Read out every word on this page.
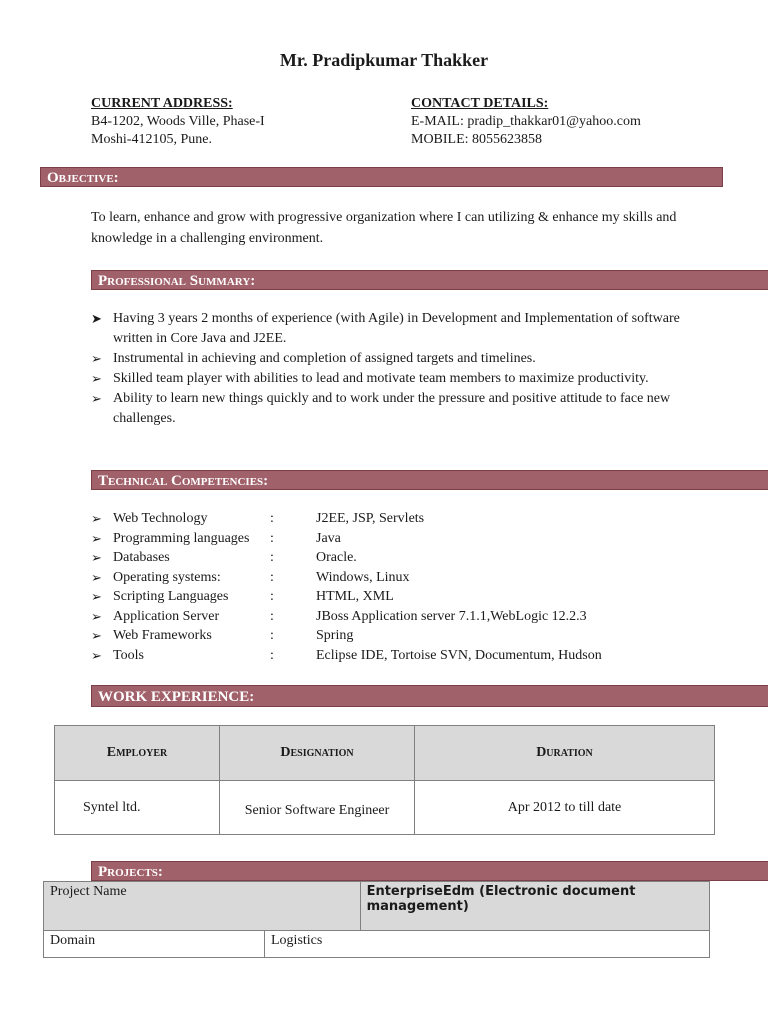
Mr. Pradipkumar Thakker
CURRENT ADDRESS:
B4-1202, Woods Ville, Phase-I
Moshi-412105, Pune.
CONTACT DETAILS:
E-MAIL: pradip_thakkar01@yahoo.com
MOBILE: 8055623858
Objective:
To learn, enhance and grow with progressive organization where I can utilizing & enhance my skills and knowledge in a challenging environment.
Professional Summary:
➤ Having 3 years 2 months of experience (with Agile) in Development and Implementation of software written in Core Java and J2EE.
➢ Instrumental in achieving and completion of assigned targets and timelines.
➢ Skilled team player with abilities to lead and motivate team members to maximize productivity.
➢ Ability to learn new things quickly and to work under the pressure and positive attitude to face new challenges.
Technical Competencies:
➢ Web Technology	:	J2EE, JSP, Servlets
➢ Programming languages :	Java
➢ Databases	:	Oracle.
➢ Operating systems:	:	Windows, Linux
➢ Scripting Languages	:	HTML, XML
➢ Application Server	:	JBoss Application server 7.1.1,WebLogic 12.2.3
➢ Web Frameworks	:	Spring
➢ Tools	:	Eclipse IDE, Tortoise SVN, Documentum, Hudson
WORK EXPERIENCE:
Employer	Designation	Duration
Syntel ltd.	Senior Software Engineer	Apr 2012 to till date
Projects:
Project Name		EnterpriseEdm (Electronic document management)
Domain	Logistics	
